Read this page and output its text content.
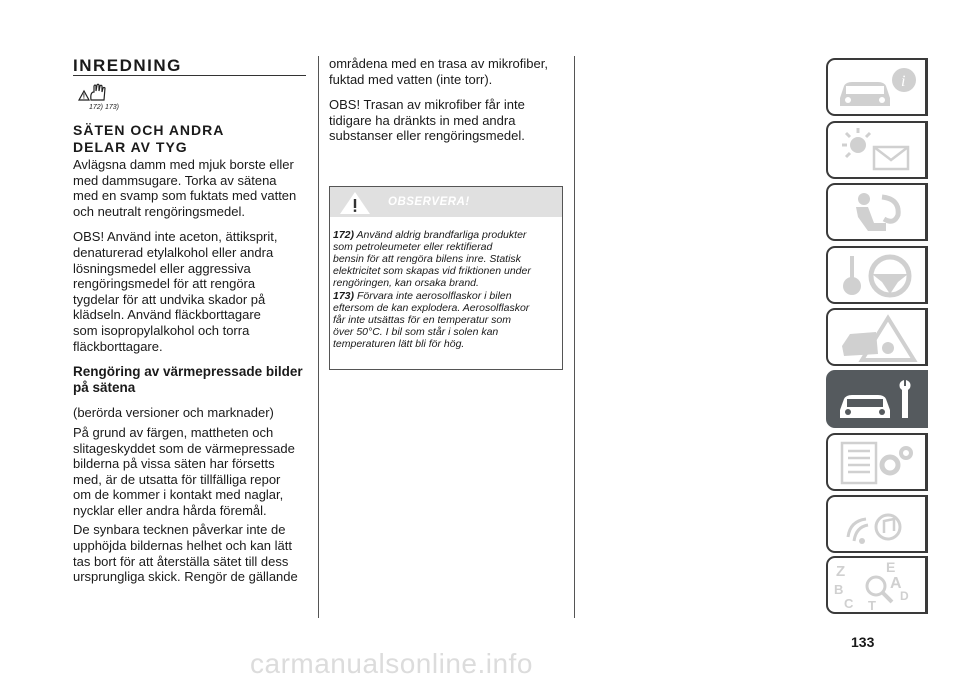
INREDNING
!
172) 173)
SÄTEN OCH ANDRA
DELAR AV TYG

Avlägsna damm med mjuk borste eller
med dammsugare. Torka av sätena
med en svamp som fuktats med vatten
och neutralt rengöringsmedel.

OBS! Använd inte aceton, ättiksprit,
denaturerad etylalkohol eller andra
lösningsmedel eller aggressiva
rengöringsmedel för att rengöra
tygdelar för att undvika skador på
klädseln. Använd fläckborttagare
som isopropylalkohol och torra
fläckborttagare.

Rengöring av värmepressade bilder
på sätena

(berörda versioner och marknader)

På grund av färgen, mattheten och
slitageskyddet som de värmepressade
bilderna på vissa säten har försetts
med, är de utsatta för tillfälliga repor
om de kommer i kontakt med naglar,
nycklar eller andra hårda föremål.

De synbara tecknen påverkar inte de
upphöjda bildernas helhet och kan lätt
tas bort för att återställa sätet till dess
ursprungliga skick. Rengör de gällande

områdena med en trasa av mikrofiber,
fuktad med vatten (inte torr).

OBS! Trasan av mikrofiber får inte
tidigare ha dränkts in med andra
substanser eller rengöringsmedel.

OBSERVERA!

172) Använd aldrig brandfarliga produkter
som petroleumeter eller rektifierad
bensin för att rengöra bilens inre. Statisk
elektricitet som skapas vid friktionen under
rengöringen, kan orsaka brand.

173) Förvara inte aerosolflaskor i bilen
eftersom de kan explodera. Aerosolflaskor
får inte utsättas för en temperatur som
över 50°C. I bil som står i solen kan
temperaturen lätt bli för hög.

i
Z	E
B	A
C	D
T
133
carmanualsonline.info
